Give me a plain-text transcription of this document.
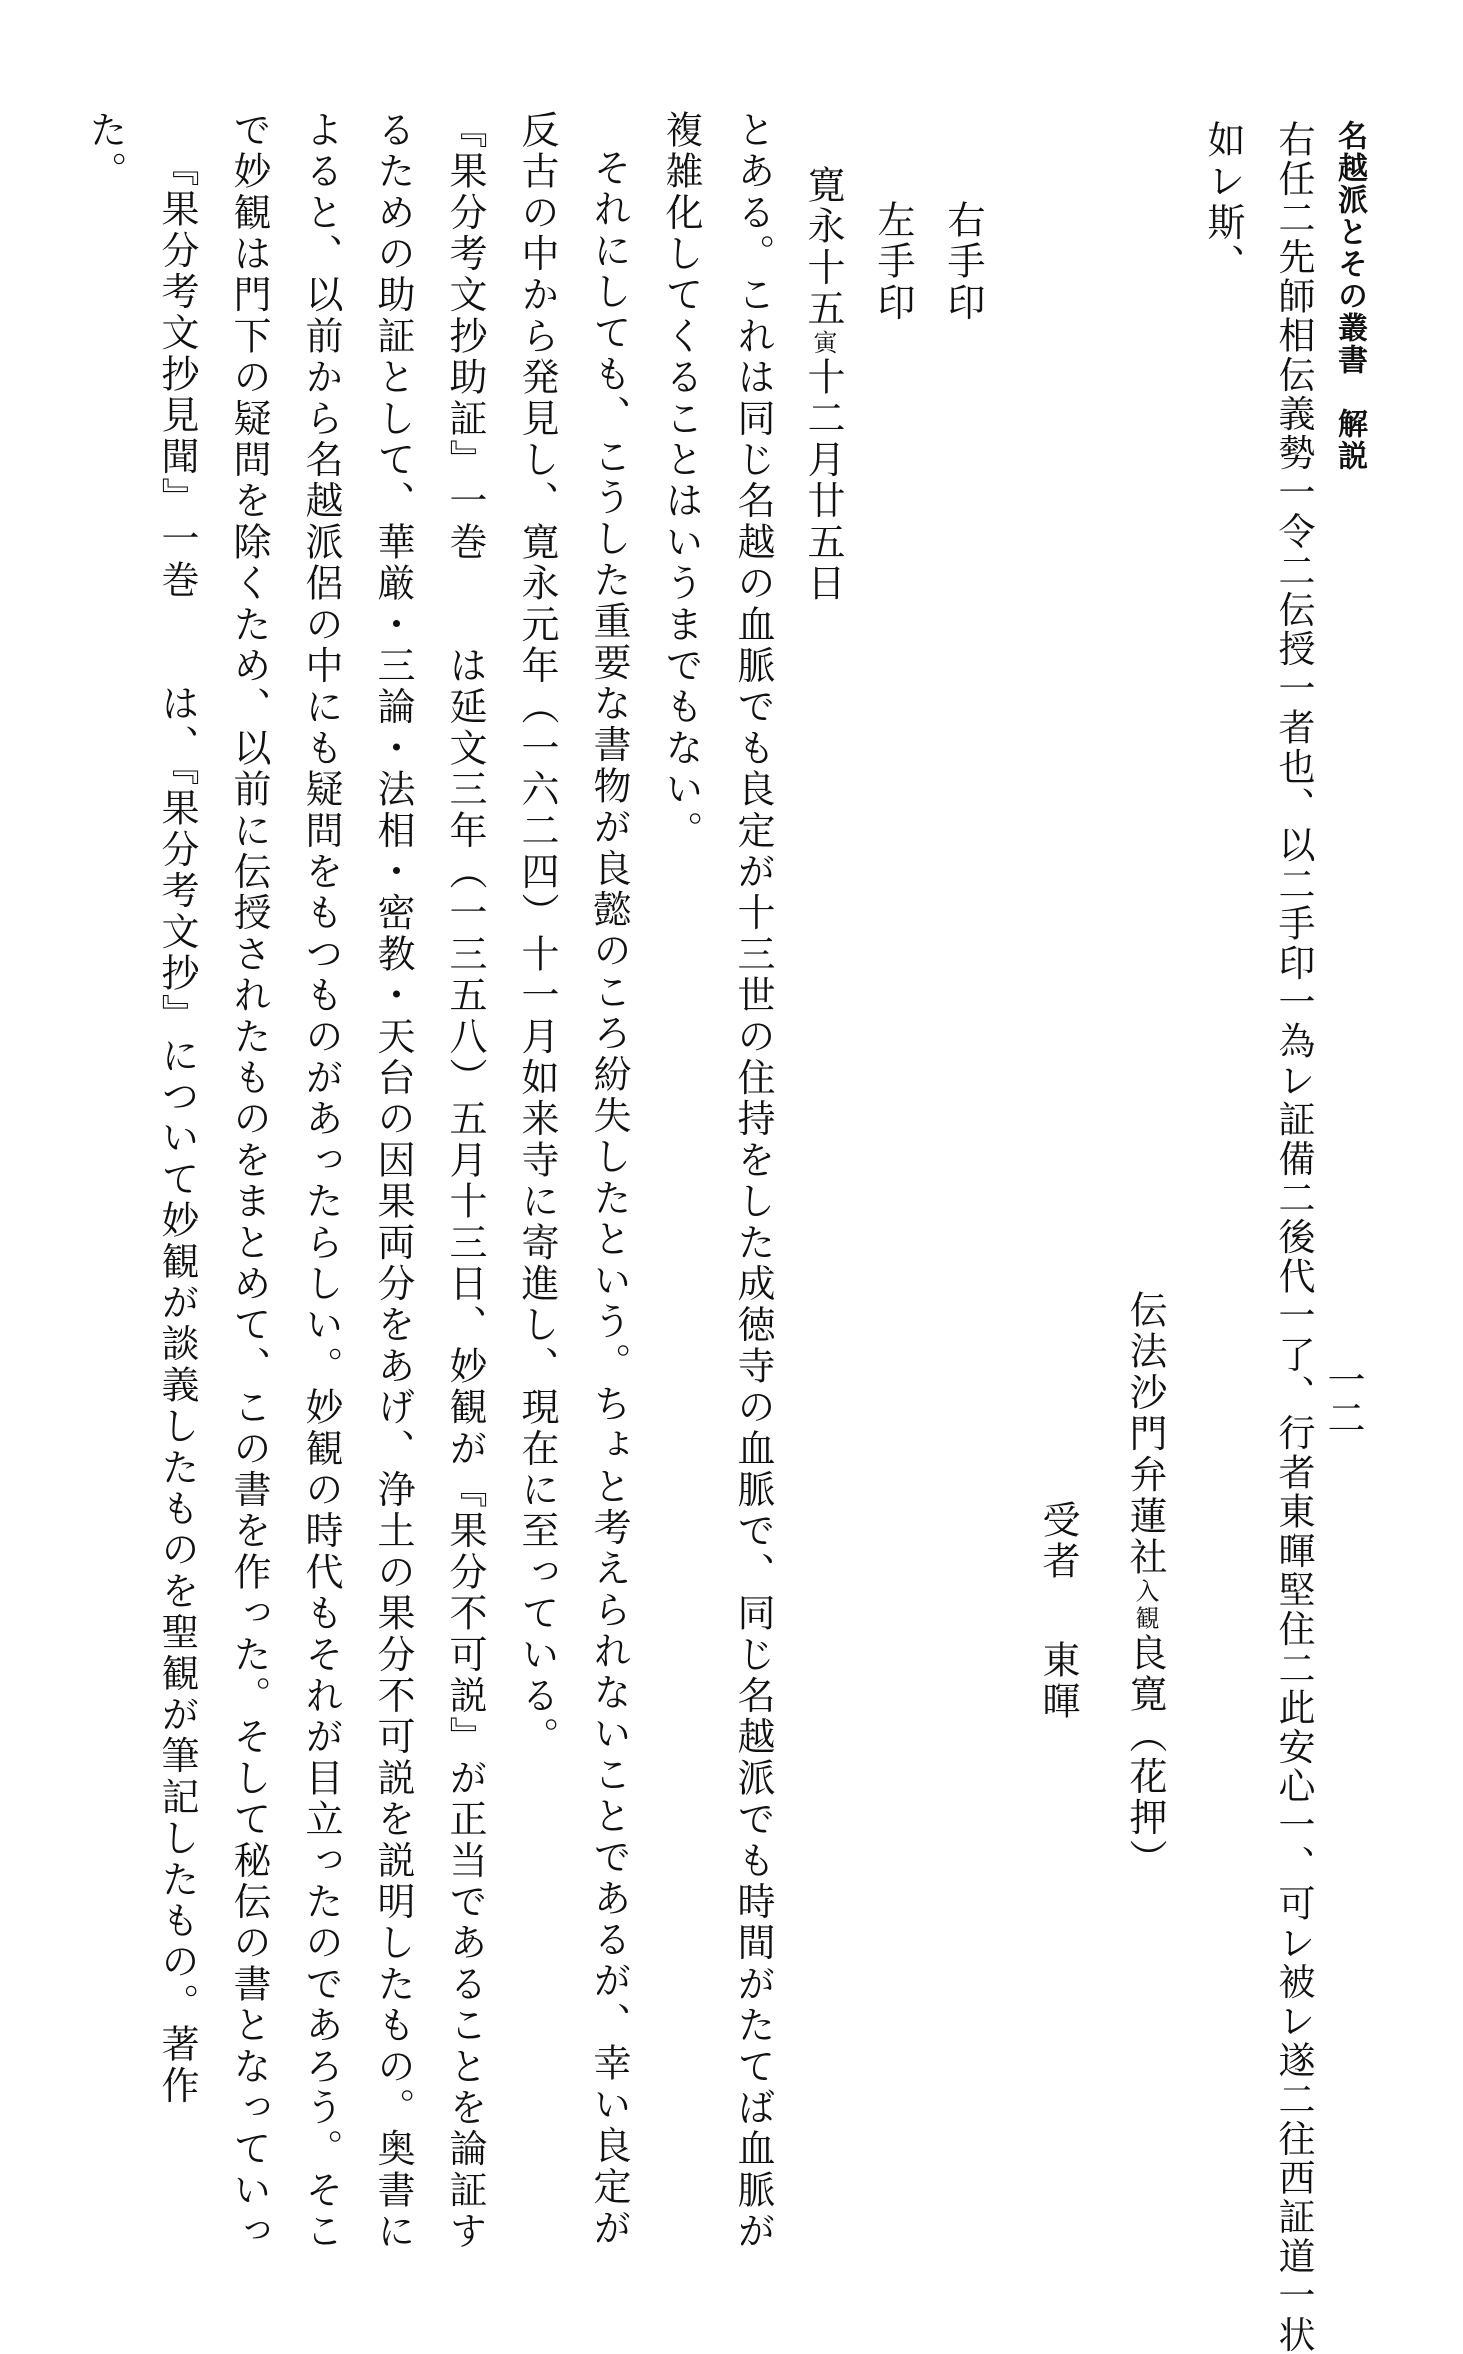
名越派とその叢書　解説
一二
右任二先師相伝義勢一令二伝授一者也、以二手印一為レ証備二後代一了、行者東暉堅住二此安心一、可レ被レ遂二往西証道一状
如レ斯、
伝法沙門弁蓮社入観良寛（花押）
受者
東暉
右手印
左手印
寛永十五寅十二月廿五日
とある。これは同じ名越の血脈でも良定が十三世の住持をした成徳寺の血脈で、同じ名越派でも時間がたてば血脈が
複雑化してくることはいうまでもない。
それにしても、こうした重要な書物が良懿のころ紛失したという。ちょと考えられないことであるが、幸い良定が
反古の中から発見し、寛永元年（一六二四）十一月如来寺に寄進し、現在に至っている。
『果分考文抄助証』一巻　　は延文三年（一三五八）五月十三日、妙観が『果分不可説』が正当であることを論証す
るための助証として、華厳・三論・法相・密教・天台の因果両分をあげ、浄土の果分不可説を説明したもの。奥書に
よると、以前から名越派侶の中にも疑問をもつものがあったらしい。妙観の時代もそれが目立ったのであろう。そこ
で妙観は門下の疑問を除くため、以前に伝授されたものをまとめて、この書を作った。そして秘伝の書となっていっ
『果分考文抄見聞』一巻　　は、『果分考文抄』について妙観が談義したものを聖観が筆記したもの。著作
た。
